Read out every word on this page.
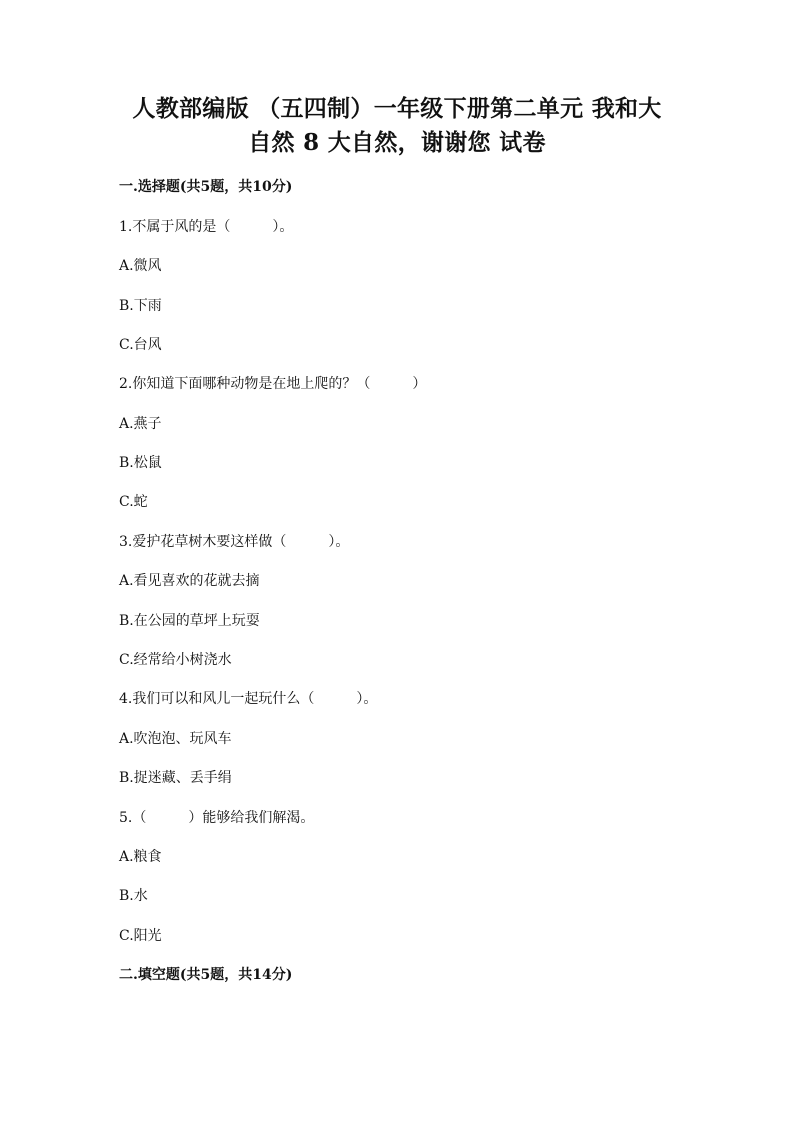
人教部编版 （五四制）一年级下册第二单元 我和大
自然 8 大自然，谢谢您 试卷
一.选择题(共5题，共10分)
1.不属于风的是（　　　）。
A.微风
B.下雨
C.台风
2.你知道下面哪种动物是在地上爬的？（　　　）
A.燕子
B.松鼠
C.蛇
3.爱护花草树木要这样做（　　　）。
A.看见喜欢的花就去摘
B.在公园的草坪上玩耍
C.经常给小树浇水
4.我们可以和风儿一起玩什么（　　　）。
A.吹泡泡、玩风车
B.捉迷藏、丢手绢
5.（　　　）能够给我们解渴。
A.粮食
B.水
C.阳光
二.填空题(共5题，共14分)
